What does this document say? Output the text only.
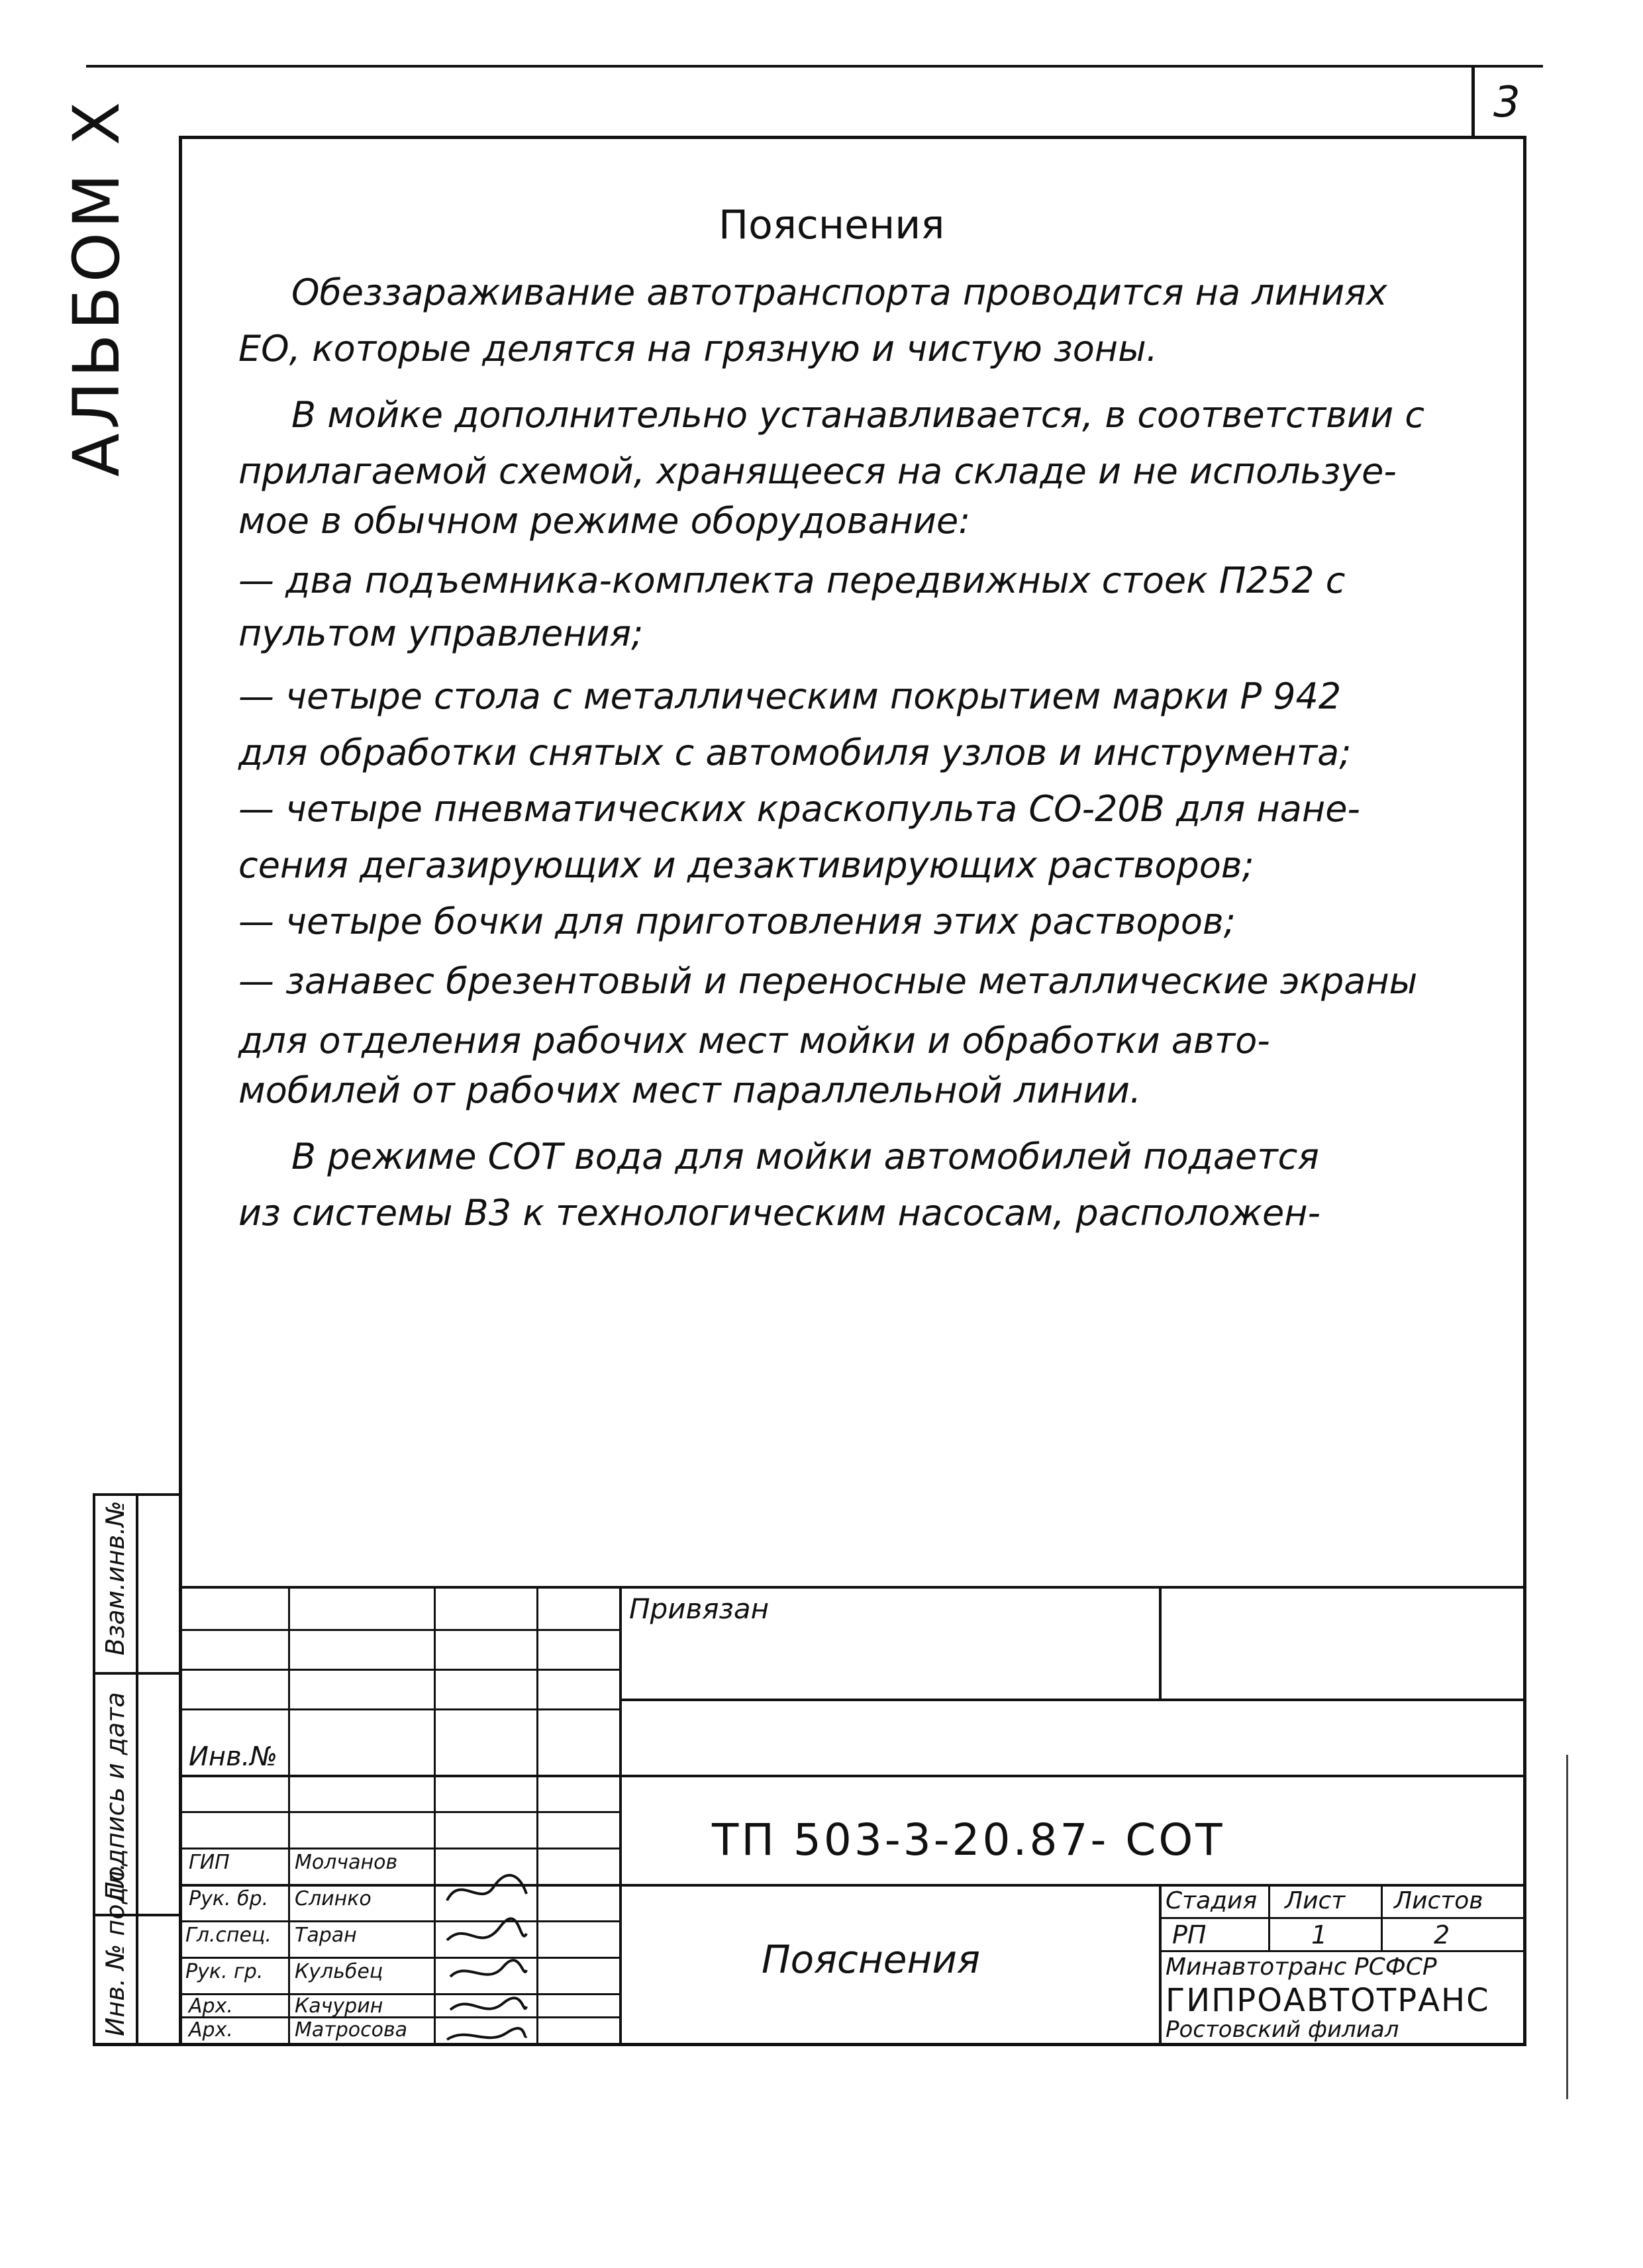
3
АЛЬБОМ Х	Пояснения
Обеззараживание автотранспорта проводится на линиях
ЕО, которые делятся на грязную и чистую зоны.
В мойке дополнительно устанавливается, в соответствии с
прилагаемой схемой, хранящееся на складе и не используе-
мое в обычном режиме оборудование:
— два подъемника-комплекта передвижных стоек П252 с
пультом управления;
— четыре стола с металлическим покрытием марки Р 942
для обработки снятых с автомобиля узлов и инструмента;
— четыре пневматических краскопульта СО-20В для нане-
сения дегазирующих и дезактивирующих растворов;
— четыре бочки для приготовления этих растворов;
— занавес брезентовый и переносные металлические экраны
для отделения рабочих мест мойки и обработки авто-
мобилей от рабочих мест параллельной линии.
В режиме СОТ вода для мойки автомобилей подается
из системы В3 к технологическим насосам, расположен-
Взам.инв.№
Подпись и дата
Инв. № подл.
Привязан
Инв.№
ТП 503-3-20.87- СОТ
Пояснения
ГИП	Молчанов
Рук. бр. Слинко
Гл.спец. Таран
Рук. гр. Кульбец
Арх.	Качурин
Арх.	Матросова
Стадия Лист Листов
РП	1	2
Минавтотранс РСФСР
ГИПРОАВТОТРАНС
Ростовский филиал
